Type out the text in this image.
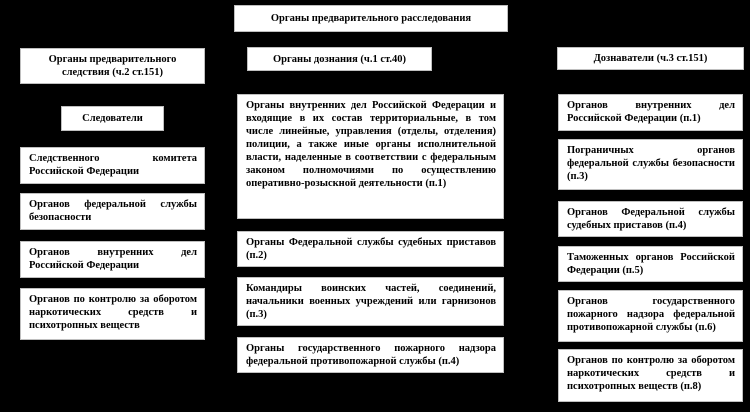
Органы предварительного расследования
Органы предварительного следствия (ч.2 ст.151)
Следователи
Следственного комитета Российской Федерации
Органов федеральной службы безопасности
Органов внутренних дел Российской Федерации
Органов по контролю за оборотом наркотических средств и психотропных веществ
Органы дознания (ч.1 ст.40)
Органы внутренних дел Российской Федерации и входящие в их состав территориальные, в том числе линейные, управления (отделы, отделения) полиции, а также иные органы исполнительной власти, наделенные в соответствии с федеральным законом полномочиями по осуществлению оперативно-розыскной деятельности (п.1)
Органы Федеральной службы судебных приставов (п.2)
Командиры воинских частей, соединений, начальники военных учреждений или гарнизонов (п.3)
Органы государственного пожарного надзора федеральной противопожарной службы (п.4)
Дознаватели (ч.3 ст.151)
Органов внутренних дел Российской Федерации (п.1)
Пограничных органов федеральной службы безопасности (п.3)
Органов Федеральной службы судебных приставов (п.4)
Таможенных органов Российской Федерации (п.5)
Органов государственного пожарного надзора федеральной противопожарной службы (п.6)
Органов по контролю за оборотом наркотических средств и психотропных веществ (п.8)
